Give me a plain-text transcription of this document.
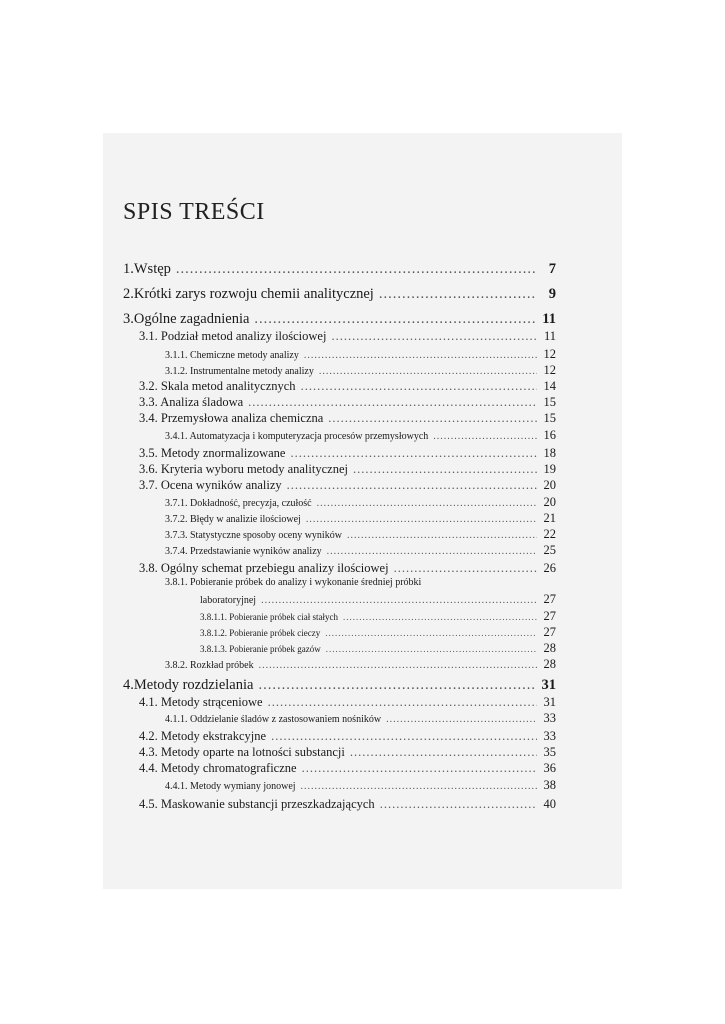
SPIS TREŚCI
1.Wstęp .....	7
2.Krótki zarys rozwoju chemii analitycznej .....	9
3.Ogólne zagadnienia .....	11
3.1. Podział metod analizy ilościowej .....	11
3.1.1. Chemiczne metody analizy .....	12
3.1.2. Instrumentalne metody analizy .....	12
3.2. Skala metod analitycznych .....	14
3.3. Analiza śladowa .....	15
3.4. Przemysłowa analiza chemiczna .....	15
3.4.1. Automatyzacja i komputeryzacja procesów przemysłowych .....	16
3.5. Metody znormalizowane .....	18
3.6. Kryteria wyboru metody analitycznej .....	19
3.7. Ocena wyników analizy .....	20
3.7.1. Dokładność, precyzja, czułość .....	20
3.7.2. Błędy w analizie ilościowej .....	21
3.7.3. Statystyczne sposoby oceny wyników .....	22
3.7.4. Przedstawianie wyników analizy .....	25
3.8. Ogólny schemat przebiegu analizy ilościowej .....	26
3.8.1. Pobieranie próbek do analizy i wykonanie średniej próbki
laboratoryjnej .....	27
3.8.1.1. Pobieranie próbek ciał stałych .....	27
3.8.1.2. Pobieranie próbek cieczy .....	27
3.8.1.3. Pobieranie próbek gazów .....	28
3.8.2. Rozkład próbek .....	28
4.Metody rozdzielania .....	31
4.1. Metody strąceniowe .....	31
4.1.1. Oddzielanie śladów z zastosowaniem nośników .....	33
4.2. Metody ekstrakcyjne .....	33
4.3. Metody oparte na lotności substancji .....	35
4.4. Metody chromatograficzne .....	36
4.4.1. Metody wymiany jonowej .....	38
4.5. Maskowanie substancji przeszkadzających .....	40
